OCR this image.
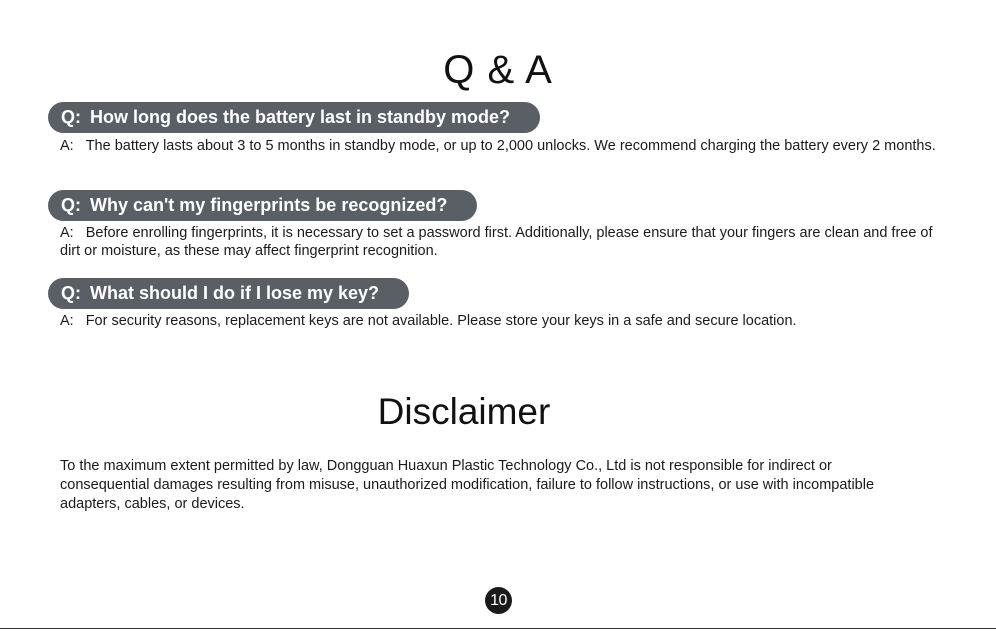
Q & A
Q: How long does the battery last in standby mode?
A: The battery lasts about 3 to 5 months in standby mode, or up to 2,000 unlocks. We recommend charging the battery every 2 months.
Q: Why can't my fingerprints be recognized?
A: Before enrolling fingerprints, it is necessary to set a password first. Additionally, please ensure that your fingers are clean and free of dirt or moisture, as these may affect fingerprint recognition.
Q: What should I do if I lose my key?
A: For security reasons, replacement keys are not available. Please store your keys in a safe and secure location.
Disclaimer
To the maximum extent permitted by law, Dongguan Huaxun Plastic Technology Co., Ltd is not responsible for indirect or consequential damages resulting from misuse, unauthorized modification, failure to follow instructions, or use with incompatible adapters, cables, or devices.
10
